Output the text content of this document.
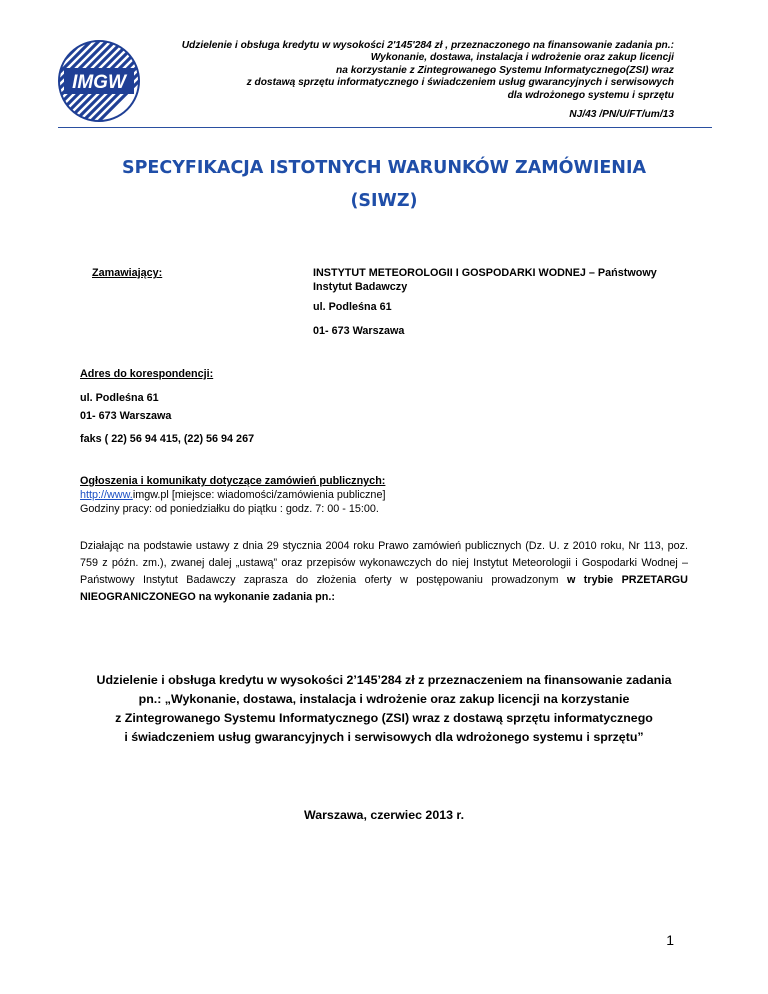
IMGW
Udzielenie i obsługa kredytu w wysokości 2'145'284 zł , przeznaczonego na finansowanie zadania pn.:
Wykonanie, dostawa, instalacja i wdrożenie oraz zakup licencji
na korzystanie z Zintegrowanego Systemu Informatycznego(ZSI) wraz
z dostawą sprzętu informatycznego i świadczeniem usług gwarancyjnych i serwisowych
dla wdrożonego systemu i sprzętu
NJ/43 /PN/U/FT/um/13
SPECYFIKACJA ISTOTNYCH WARUNKÓW ZAMÓWIENIA
(SIWZ)
Zamawiający:	INSTYTUT METEOROLOGII I GOSPODARKI WODNEJ – Państwowy
Instytut Badawczy
ul. Podleśna 61
01- 673 Warszawa
Adres do korespondencji:
ul. Podleśna 61
01- 673 Warszawa
faks ( 22) 56 94 415, (22) 56 94 267
Ogłoszenia i komunikaty dotyczące zamówień publicznych:
http://www.imgw.pl [miejsce: wiadomości/zamówienia publiczne]
Godziny pracy: od poniedziałku do piątku : godz. 7: 00 - 15:00.
Działając na podstawie ustawy z dnia 29 stycznia 2004 roku Prawo zamówień publicznych (Dz. U. z 2010 roku, Nr 113, poz. 759 z późn. zm.), zwanej dalej „ustawą” oraz przepisów wykonawczych do niej Instytut Meteorologii i Gospodarki Wodnej – Państwowy Instytut Badawczy zaprasza do złożenia oferty w postępowaniu prowadzonym w trybie PRZETARGU NIEOGRANICZONEGO na wykonanie zadania pn.:
Udzielenie i obsługa kredytu w wysokości 2’145’284 zł z przeznaczeniem na finansowanie zadania
pn.: „Wykonanie, dostawa, instalacja i wdrożenie oraz zakup licencji na korzystanie
z Zintegrowanego Systemu Informatycznego (ZSI) wraz z dostawą sprzętu informatycznego
i świadczeniem usług gwarancyjnych i serwisowych dla wdrożonego systemu i sprzętu”
Warszawa, czerwiec 2013 r.
1
